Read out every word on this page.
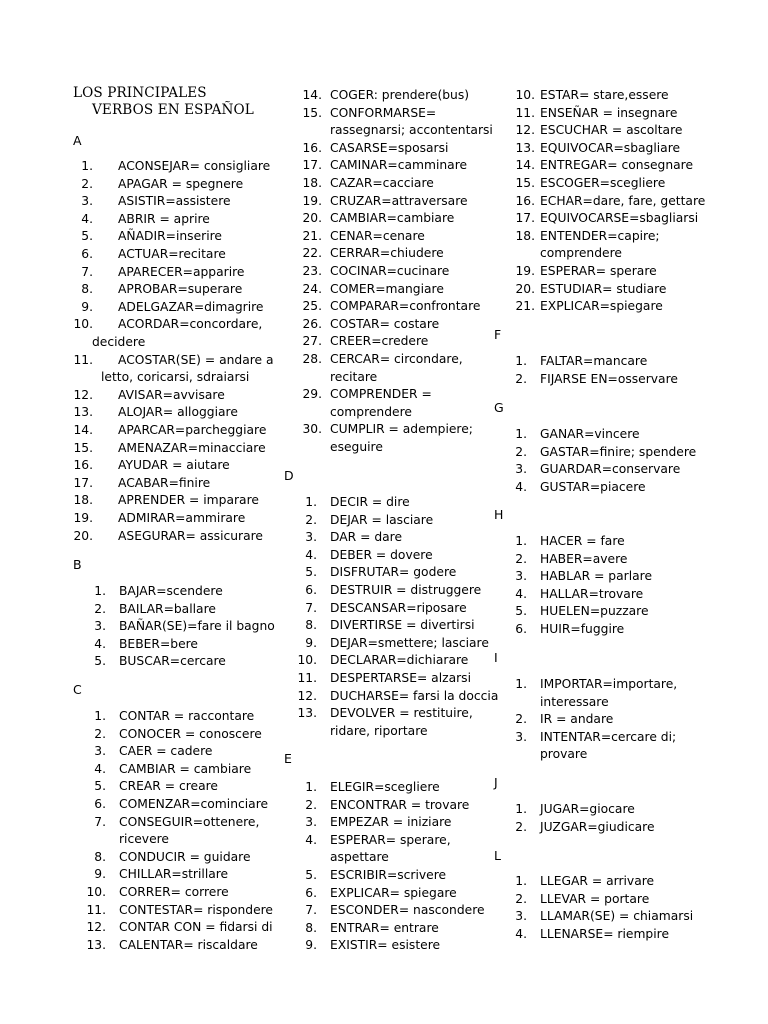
LOS PRINCIPALES
VERBOS EN ESPAÑOL
A
1. ACONSEJAR= consigliare
2. APAGAR = spegnere
3. ASISTIR=assistere
4. ABRIR = aprire
5. AÑADIR=inserire
6. ACTUAR=recitare
7. APARECER=apparire
8. APROBAR=superare
9. ADELGAZAR=dimagrire
10. ACORDAR=concordare,
decidere
11. ACOSTAR(SE) = andare a
letto, coricarsi, sdraiarsi
12. AVISAR=avvisare
13. ALOJAR= alloggiare
14. APARCAR=parcheggiare
15. AMENAZAR=minacciare
16. AYUDAR = aiutare
17. ACABAR=finire
18. APRENDER = imparare
19. ADMIRAR=ammirare
20. ASEGURAR= assicurare
B
1. BAJAR=scendere
2. BAILAR=ballare
3. BAÑAR(SE)=fare il bagno
4. BEBER=bere
5. BUSCAR=cercare
C
1. CONTAR = raccontare
2. CONOCER = conoscere
3. CAER = cadere
4. CAMBIAR = cambiare
5. CREAR = creare
6. COMENZAR=cominciare
7. CONSEGUIR=ottenere,
ricevere
8. CONDUCIR = guidare
9. CHILLAR=strillare
10. CORRER= correre
11. CONTESTAR= rispondere
12. CONTAR CON = fidarsi di
13. CALENTAR= riscaldare
14. COGER: prendere(bus)
15. CONFORMARSE=
rassegnarsi; accontentarsi
16. CASARSE=sposarsi
17. CAMINAR=camminare
18. CAZAR=cacciare
19. CRUZAR=attraversare
20. CAMBIAR=cambiare
21. CENAR=cenare
22. CERRAR=chiudere
23. COCINAR=cucinare
24. COMER=mangiare
25. COMPARAR=confrontare
26. COSTAR= costare
27. CREER=credere
28. CERCAR= circondare,
recitare
29. COMPRENDER =
comprendere
30. CUMPLIR = adempiere;
eseguire
D
1. DECIR = dire
2. DEJAR = lasciare
3. DAR = dare
4. DEBER = dovere
5. DISFRUTAR= godere
6. DESTRUIR = distruggere
7. DESCANSAR=riposare
8. DIVERTIRSE = divertirsi
9. DEJAR=smettere; lasciare
10. DECLARAR=dichiarare
11. DESPERTARSE= alzarsi
12. DUCHARSE= farsi la doccia
13. DEVOLVER = restituire,
ridare, riportare
E
1. ELEGIR=scegliere
2. ENCONTRAR = trovare
3. EMPEZAR = iniziare
4. ESPERAR= sperare,
aspettare
5. ESCRIBIR=scrivere
6. EXPLICAR= spiegare
7. ESCONDER= nascondere
8. ENTRAR= entrare
9. EXISTIR= esistere
10. ESTAR= stare,essere
11. ENSEÑAR = insegnare
12. ESCUCHAR = ascoltare
13. EQUIVOCAR=sbagliare
14. ENTREGAR= consegnare
15. ESCOGER=scegliere
16. ECHAR=dare, fare, gettare
17. EQUIVOCARSE=sbagliarsi
18. ENTENDER=capire;
comprendere
19. ESPERAR= sperare
20. ESTUDIAR= studiare
21. EXPLICAR=spiegare
F
1. FALTAR=mancare
2. FIJARSE EN=osservare
G
1. GANAR=vincere
2. GASTAR=finire; spendere
3. GUARDAR=conservare
4. GUSTAR=piacere
H
1. HACER = fare
2. HABER=avere
3. HABLAR = parlare
4. HALLAR=trovare
5. HUELEN=puzzare
6. HUIR=fuggire
I
1. IMPORTAR=importare,
interessare
2. IR = andare
3. INTENTAR=cercare di;
provare
J
1. JUGAR=giocare
2. JUZGAR=giudicare
L
1. LLEGAR = arrivare
2. LLEVAR = portare
3. LLAMAR(SE) = chiamarsi
4. LLENARSE= riempire
